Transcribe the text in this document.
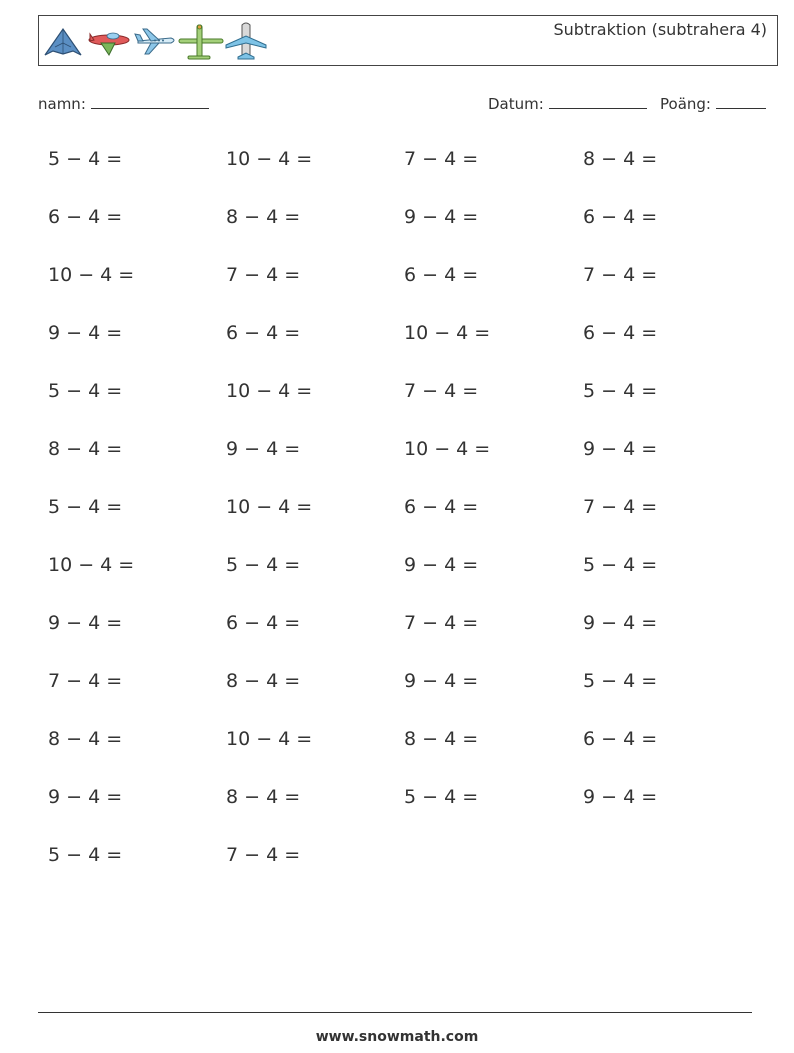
Subtraktion (subtrahera 4)
namn:	Datum:	Poäng:
5 − 4 =	10 − 4 =	7 − 4 =	8 − 4 =
6 − 4 =	8 − 4 =	9 − 4 =	6 − 4 =
10 − 4 =	7 − 4 =	6 − 4 =	7 − 4 =
9 − 4 =	6 − 4 =	10 − 4 =	6 − 4 =
5 − 4 =	10 − 4 =	7 − 4 =	5 − 4 =
8 − 4 =	9 − 4 =	10 − 4 =	9 − 4 =
5 − 4 =	10 − 4 =	6 − 4 =	7 − 4 =
10 − 4 =	5 − 4 =	9 − 4 =	5 − 4 =
9 − 4 =	6 − 4 =	7 − 4 =	9 − 4 =
7 − 4 =	8 − 4 =	9 − 4 =	5 − 4 =
8 − 4 =	10 − 4 =	8 − 4 =	6 − 4 =
9 − 4 =	8 − 4 =	5 − 4 =	9 − 4 =
5 − 4 =	7 − 4 =
www.snowmath.com
